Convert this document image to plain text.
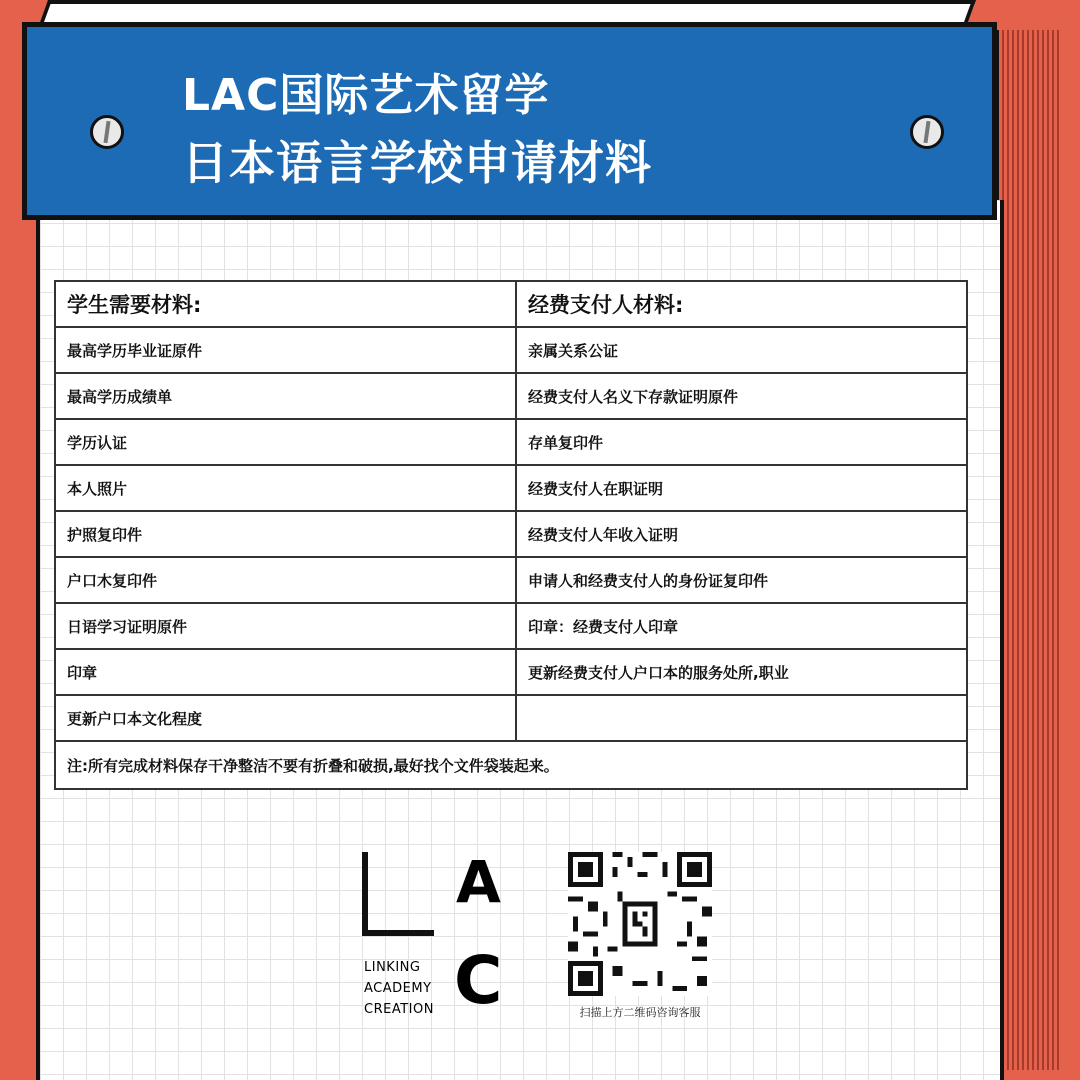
LAC国际艺术留学
日本语言学校申请材料
学生需要材料:	经费支付人材料:
最高学历毕业证原件	亲属关系公证
最高学历成绩单	经费支付人名义下存款证明原件
学历认证	存单复印件
本人照片	经费支付人在职证明
护照复印件	经费支付人年收入证明
户口木复印件	申请人和经费支付人的身份证复印件
日语学习证明原件	印章：经费支付人印章
印章	更新经费支付人户口本的服务处所,职业
更新户口本文化程度
注:所有完成材料保存干净整洁不要有折叠和破损,最好找个文件袋装起来。
A
C
LINKING
ACADEMY
CREATION	扫描上方二维码咨询客服
